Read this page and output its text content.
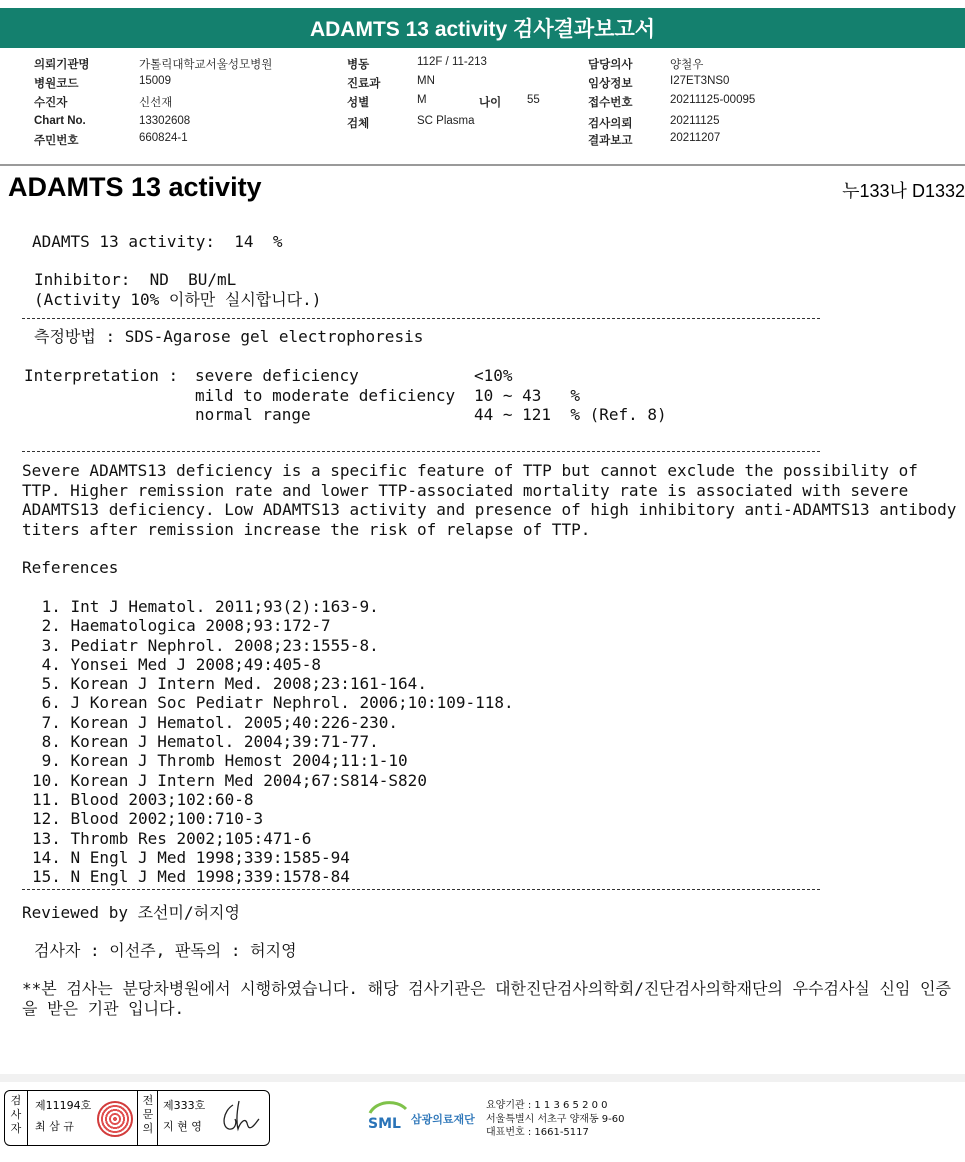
ADAMTS 13 activity 검사결과보고서
의뢰기관명	가톨릭대학교서울성모병원	병동	112F / 11-213	담당의사	양철우
병원코드	15009	진료과	MN	임상정보	I27ET3NS0
수진자	신선재	성별	M	나이 55	접수번호	20211125-00095
Chart No.	13302608	검체	SC Plasma	검사의뢰	20211125
주민번호	660824-1	결과보고	20211207
ADAMTS 13 activity	누133나 D1332
ADAMTS 13 activity:  14  %
Inhibitor:  ND  BU/mL
(Activity 10% 이하만 실시합니다.)
측정방법 : SDS-Agarose gel electrophoresis
Interpretation : severe deficiency	<10%
mild to moderate deficiency 10 ~ 43   %
normal range	44 ~ 121  % (Ref. 8)

Severe ADAMTS13 deficiency is a specific feature of TTP but cannot exclude the possibility of TTP. Higher remission rate and lower TTP-associated mortality rate is associated with severe ADAMTS13 deficiency. Low ADAMTS13 activity and presence of high inhibitory anti-ADAMTS13 antibody titers after remission increase the risk of relapse of TTP.

References
1. Int J Hematol. 2011;93(2):163-9.
2. Haematologica 2008;93:172-7
3. Pediatr Nephrol. 2008;23:1555-8.
4. Yonsei Med J 2008;49:405-8
5. Korean J Intern Med. 2008;23:161-164.
6. J Korean Soc Pediatr Nephrol. 2006;10:109-118.
7. Korean J Hematol. 2005;40:226-230.
8. Korean J Hematol. 2004;39:71-77.
9. Korean J Thromb Hemost 2004;11:1-10
10. Korean J Intern Med 2004;67:S814-S820
11. Blood 2003;102:60-8
12. Blood 2002;100:710-3
13. Thromb Res 2002;105:471-6
14. N Engl J Med 1998;339:1585-94
15. N Engl J Med 1998;339:1578-84
Reviewed by 조선미/허지영
검사자 : 이선주, 판독의 : 허지영

**본 검사는 분당차병원에서 시행하였습니다. 해당 검사기관은 대한진단검사의학회/진단검사의학재단의 우수검사실 신임 인증을 받은 기관 입니다.

검사자
제11194호
최 삼 규
전문의
제333호
지 현 영	SML 삼광의료재단
요양기관 : 1 1 3 6 5 2 0 0
서울특별시 서초구 양재동 9-60
대표번호 : 1661-5117
